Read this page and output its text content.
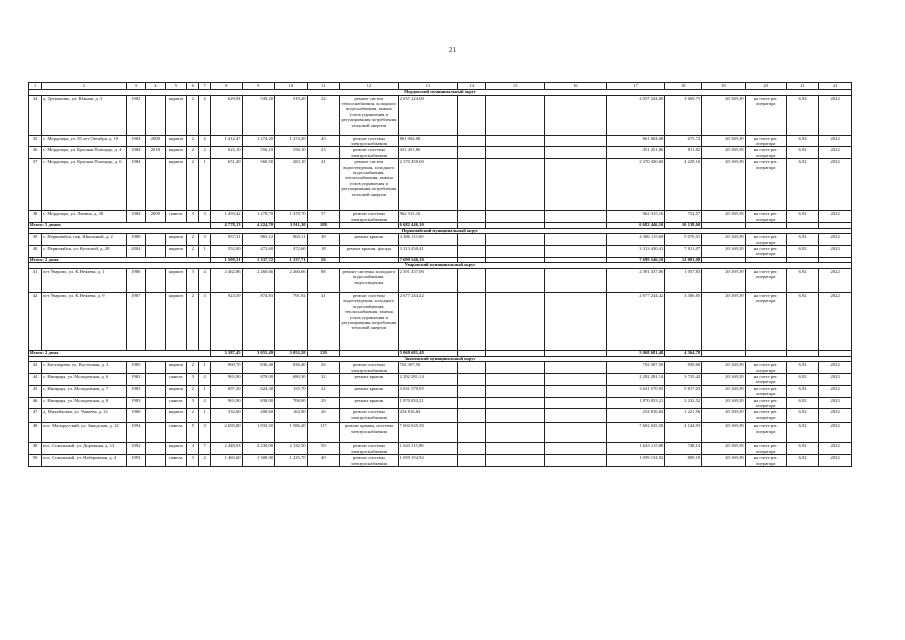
21
1	2	3	4	5	6	7	8	9	10	11	12	13	14	15	16	17	18	19	20	21	22
Мордовский муниципальный округ																					
34	д. Тремихино, ул. Южная, д. 3	1982		кирпич	2	2	629,94	539,20	519,20	22	ремонт систем теплоснабжения, холодного водоснабжения, замена узлов управления и регулирования потребления тепловой энергии	2 037 224,00				2 037 224,00	3 669,75	20 169,39	на счете рег. оператора	6,92	2022
35	с. Мордовцы, ул. 50 лет Октября, д. 19	1984	2009	кирпич	2	2	1 412,47	1 274,20	1 274,20	45	ремонт системы электроснабжения	861 004,08				861 004,08	675,72	20 169,39	на счете рег. оператора	6,92	2022
36	с. Мордовцы, ул. Красная Площадь, д. 4	1984	2018	кирпич	2	2	625,10	556,10	556,10	23	ремонт системы электроснабжения	451 451,86				451 451,86	811,82	20 169,39	на счете рег. оператора	6,92	2022
37	с. Мордовцы, ул. Красная Площадь, д. 6	1984		кирпич	2	1	651,20	560,50	283,10	41	ремонт систем водоотведения, холодного водоснабжения, теплоснабжения, замена узлов управления и регулирования потребления тепловой энергии	2 370 450,60				2 370 450,60	4 229,16	20 169,39	на счете рег. оператора	6,92	2022
38	с. Мордовцы, ул. Ленина, д. 38	1984	2009	панель	3	3	1 459,42	1 278,70	1 278,70	57	ремонт системы электроснабжения	962 315,16				962 315,16	752,57	20 169,39	на счете рег. оператора	6,92	2022
Итого: 5 домов							4 778,13	4 224,70	3 911,30	188		6 682 446,10				6 682 446,10	10 138,60				
Первомайский муниципальный округ																					
39	с. Первомайск, пер. Школьный, д. 2	1989		кирпич	2	3	957,31	865,12	865,11	38	ремонт крыши	4 386 115,69				4 386 115,69	5 070,01	20 169,39	на счете рег. оператора	6,92	2022
40	с. Первомайск, ул. Кутаской, д. 28	2004		кирпич	2	1	552,00	472,60	472,60	18	ремонт крыши, фасада	3 313 430,41				3 313 430,41	7 011,07	20 169,39	на счете рег. оператора	6,92	2022
Итого: 2 дома							1 509,31	1 337,72	1 337,71	56		7 699 546,10				7 699 546,10	12 081,08				
Уваровский муниципальный округ																					
41	пгт Уварово, ул. К.Нечаева, д. 1	1986		кирпич	3	4	2 462,86	2 260,66	2 260,66	88	ремонт системы холодного водоснабжения, водоотведения	2 391 437,06				2 391 437,06	1 057,83	20 169,39	на счете рег. оператора	6,92	2022
42	пгт Уварово, ул. К.Нечаева, д. 9	1987		кирпич	2	3	924,59	874,83	791,92	41	ремонт системы водоотведения, холодного водоснабжения, теплоснабжения, замена узлов управления и регулирования потребления тепловой энергии	2 677 244,42				2 677 244,42	3 306,85	20 169,39	на счете рег. оператора	6,92	2022
Итого: 2 дома							3 387,45	3 055,49	3 052,58	129		5 068 681,48				5 068 681,48	4 364,78				
Знаменский муниципальный округ																					
43	с. Богатырева, ул. Восточная, д. 3	1985		кирпич	2	1	960,70	836,40	836,40	26	ремонт системы электроснабжения	702 307,50				702 307,50	839,68	20 169,39	на счете рег. оператора	6,92	2022
44	с. Иноярцы, ул. Молодежная, д. 6	1982		панель	3	2	965,90	878,00	680,30	32	ремонт крыши	2 292 281,14				2 292 281,14	3 735,42	20 169,39	на счете рег. оператора	6,92	2022
45	с. Иноярцы, ул. Молодежная, д. 7	1983		кирпич	2	1	697,30	624,30	155,70	22	ремонт крыши	3 631 570,95				3 631 570,95	5 817,03	20 169,39	на счете рег. оператора	6,92	2022
46	с. Иноярцы, ул. Молодежная, д. 8	1983		панель	3	2	965,90	838,00	708,00	29	ремонт крыши	1 870 833,21				1 870 833,21	2 232,52	20 169,39	на счете рег. оператора	6,92	2022
47	д. Михайловка, ул. Чапаева, д. 21	1980		кирпич	2	1	332,60	208,60	164,90	26	ремонт системы электроснабжения	254 816,84				254 816,84	1 221,56	20 169,39	на счете рег. оператора	6,92	2022
48	пос. Малорусский, ул. Заводская, д. 12	1994		панель	5	3	2 695,80	1 833,50	1 586,20	117	ремонт крыши, системы электроснабжения	7 602 635,50				7 602 635,50	4 144,93	20 169,39	на счете рег. оператора	6,92	2022
49	пос. Сокольный, ул. Дорожная, д. 13	1992		кирпич	4	7	2 449,93	2 239,00	2 132,50	59	ремонт системы электроснабжения	1 643 115,88				1 643 115,88	748,14	20 169,39	на счете рег. оператора	6,92	2022
50	пос. Сокольный, ул. Набережная, д. 4	1993		панель	3	2	1 465,60	1 308,90	1 235,70	40	ремонт системы электроснабжения	1 059 154,92				1 059 154,92	809,19	20 169,39	на счете рег. оператора	6,92	2022
